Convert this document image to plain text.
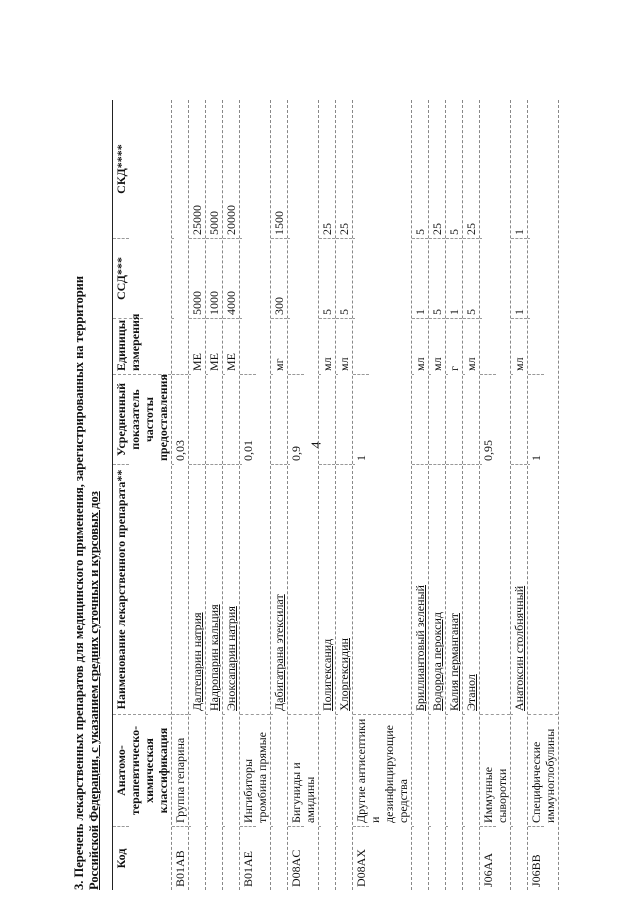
4
3. Перечень лекарственных препаратов для медицинского применения, зарегистрированных на территории Российской Федерации, с указанием средних суточных и курсовых доз Код
Анатомо-терапевтическо-химическая классификация
Наименование лекарственного препарата**
Усредненный показатель частоты предоставления
Единицы измерения
ССД***
СКД****
B01AB
Группа гепарина
0,03
Далтепарин натрия
МЕ
5000
25000
Надропарин кальция
МЕ
1000
5000
Эноксапарин натрия
МЕ
4000
20000
B01AE
Ингибиторы тромбина прямые
0,01
Дабигатрана этексилат
мг
300
1500
D08AC
Бигуниды и амидины
0,9
Полигексанид
мл
5
25
Хлоргексидин
мл
5
25
D08AX
Другие антисептики и дезинфицирующие средства
1
Бриллиантовый зеленый
мл
1
5
Водорода пероксид
мл
5
25
Калия перманганат
г
1
5
Этанол
мл
5
25
J06AA
Иммунные сыворотки
0,95
Анатоксин столбнячный
мл
1
1
J06BB
Специфические иммуноглобулины
1
